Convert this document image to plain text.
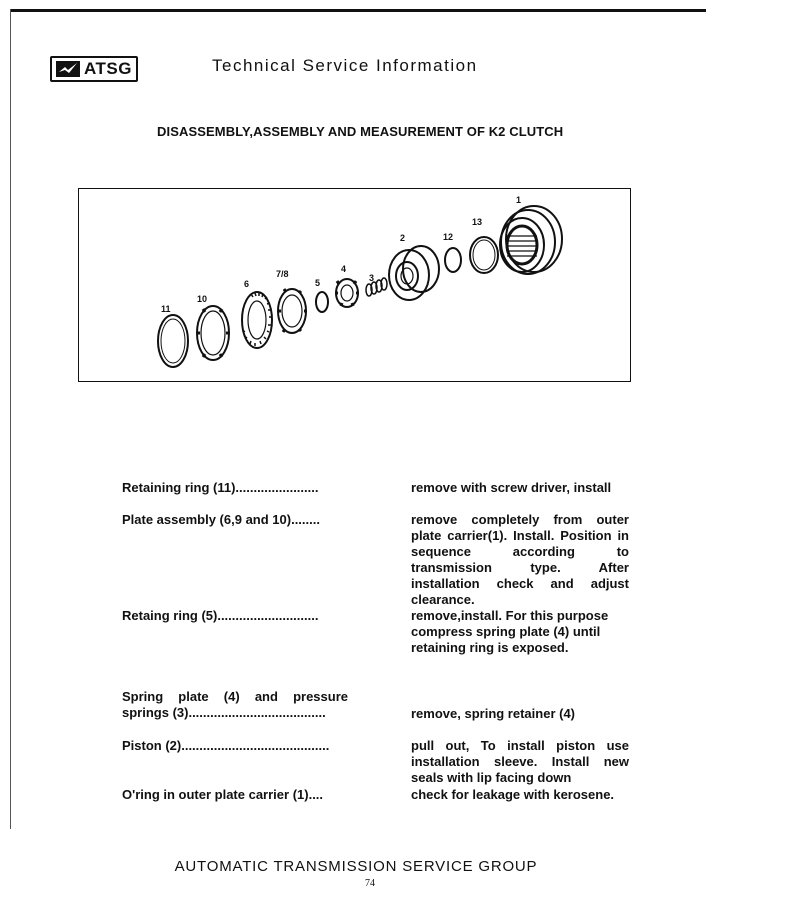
ATSG	Technical Service Information
DISASSEMBLY,ASSEMBLY AND MEASUREMENT OF K2 CLUTCH
1
2	12
13
4
3
5
7/8
6
10
11
Retaining ring (11).......................	remove with screw driver, install
Plate assembly (6,9 and 10)........	remove completely from outer plate carrier(1). Install. Position in sequence according to transmission type. After installation check and adjust clearance.
Retaing ring (5)............................	remove,install. For this purpose compress spring plate (4) until retaining ring is exposed.
Spring plate (4) and pressure springs (3)......................................	remove, spring retainer (4)
Piston (2).........................................	pull out, To install piston use installation sleeve. Install new seals with lip facing down
O'ring in outer plate carrier (1)....	check for leakage with kerosene.
AUTOMATIC TRANSMISSION SERVICE GROUP
74
